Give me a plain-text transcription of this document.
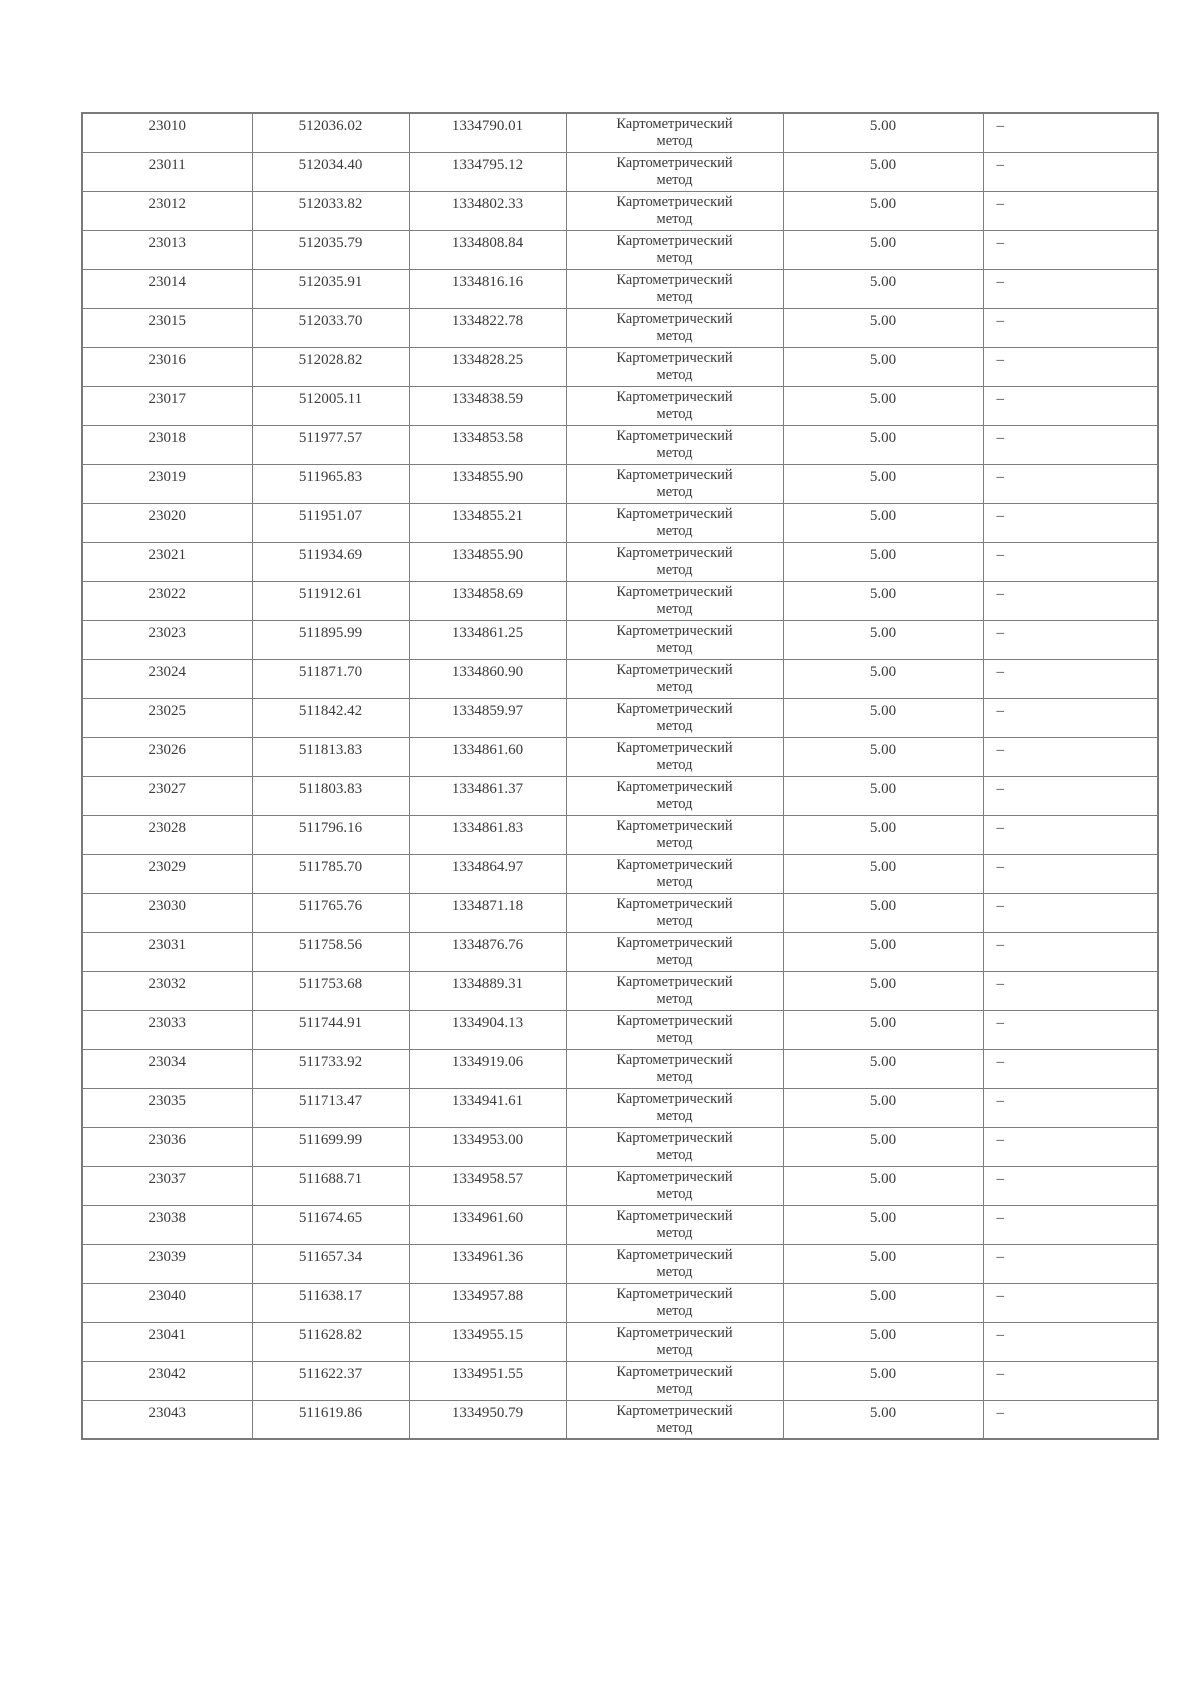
23010	512036.02	1334790.01	Картометрический
метод	5.00	–
23011	512034.40	1334795.12	Картометрический
метод	5.00	–
23012	512033.82	1334802.33	Картометрический
метод	5.00	–
23013	512035.79	1334808.84	Картометрический
метод	5.00	–
23014	512035.91	1334816.16	Картометрический
метод	5.00	–
23015	512033.70	1334822.78	Картометрический
метод	5.00	–
23016	512028.82	1334828.25	Картометрический
метод	5.00	–
23017	512005.11	1334838.59	Картометрический
метод	5.00	–
23018	511977.57	1334853.58	Картометрический
метод	5.00	–
23019	511965.83	1334855.90	Картометрический
метод	5.00	–
23020	511951.07	1334855.21	Картометрический
метод	5.00	–
23021	511934.69	1334855.90	Картометрический
метод	5.00	–
23022	511912.61	1334858.69	Картометрический
метод	5.00	–
23023	511895.99	1334861.25	Картометрический
метод	5.00	–
23024	511871.70	1334860.90	Картометрический
метод	5.00	–
23025	511842.42	1334859.97	Картометрический
метод	5.00	–
23026	511813.83	1334861.60	Картометрический
метод	5.00	–
23027	511803.83	1334861.37	Картометрический
метод	5.00	–
23028	511796.16	1334861.83	Картометрический
метод	5.00	–
23029	511785.70	1334864.97	Картометрический
метод	5.00	–
23030	511765.76	1334871.18	Картометрический
метод	5.00	–
23031	511758.56	1334876.76	Картометрический
метод	5.00	–
23032	511753.68	1334889.31	Картометрический
метод	5.00	–
23033	511744.91	1334904.13	Картометрический
метод	5.00	–
23034	511733.92	1334919.06	Картометрический
метод	5.00	–
23035	511713.47	1334941.61	Картометрический
метод	5.00	–
23036	511699.99	1334953.00	Картометрический
метод	5.00	–
23037	511688.71	1334958.57	Картометрический
метод	5.00	–
23038	511674.65	1334961.60	Картометрический
метод	5.00	–
23039	511657.34	1334961.36	Картометрический
метод	5.00	–
23040	511638.17	1334957.88	Картометрический
метод	5.00	–
23041	511628.82	1334955.15	Картометрический
метод	5.00	–
23042	511622.37	1334951.55	Картометрический
метод	5.00	–
23043	511619.86	1334950.79	Картометрический
метод	5.00	–
